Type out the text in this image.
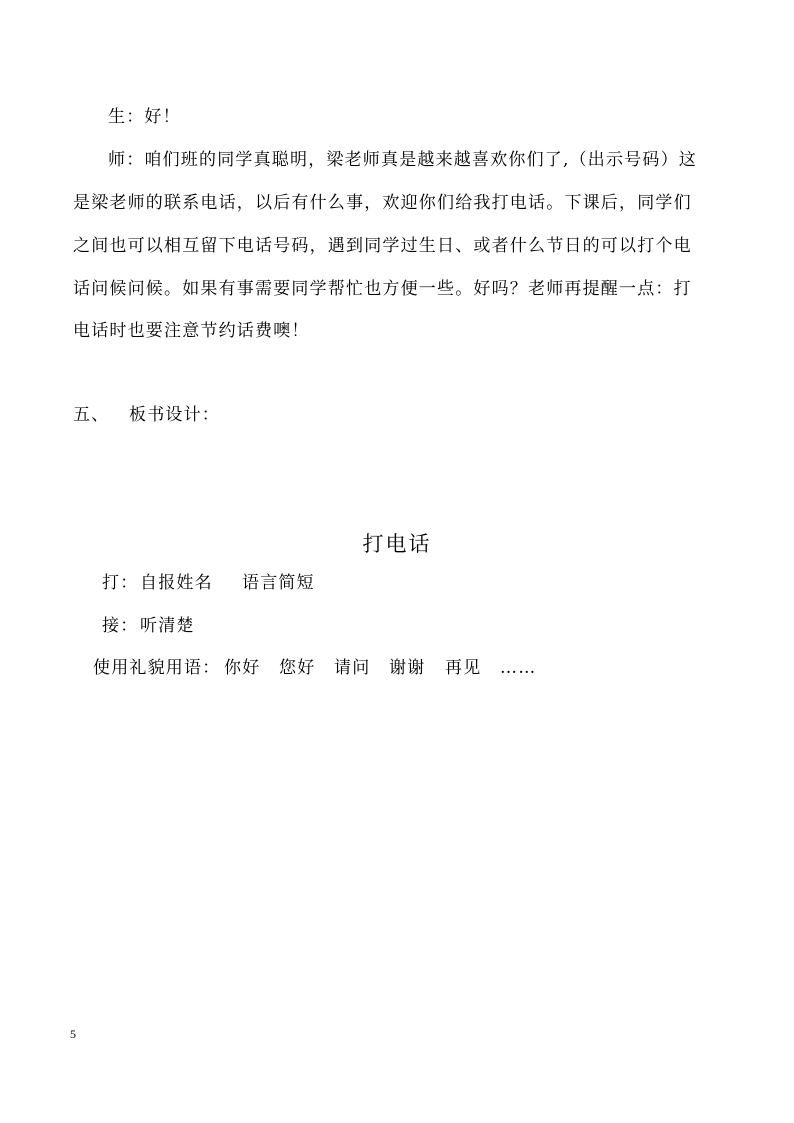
生：好！
师：咱们班的同学真聪明，梁老师真是越来越喜欢你们了,（出示号码）这
是梁老师的联系电话，以后有什么事，欢迎你们给我打电话。下课后，同学们
之间也可以相互留下电话号码，遇到同学过生日、或者什么节日的可以打个电
话问候问候。如果有事需要同学帮忙也方便一些。好吗？老师再提醒一点：打
电话时也要注意节约话费噢！
五、 板书设计：
打电话
打： 自报姓名 语言简短
接： 听清楚
使用礼貌用语： 你好 您好 请问 谢谢 再见 ……
5
